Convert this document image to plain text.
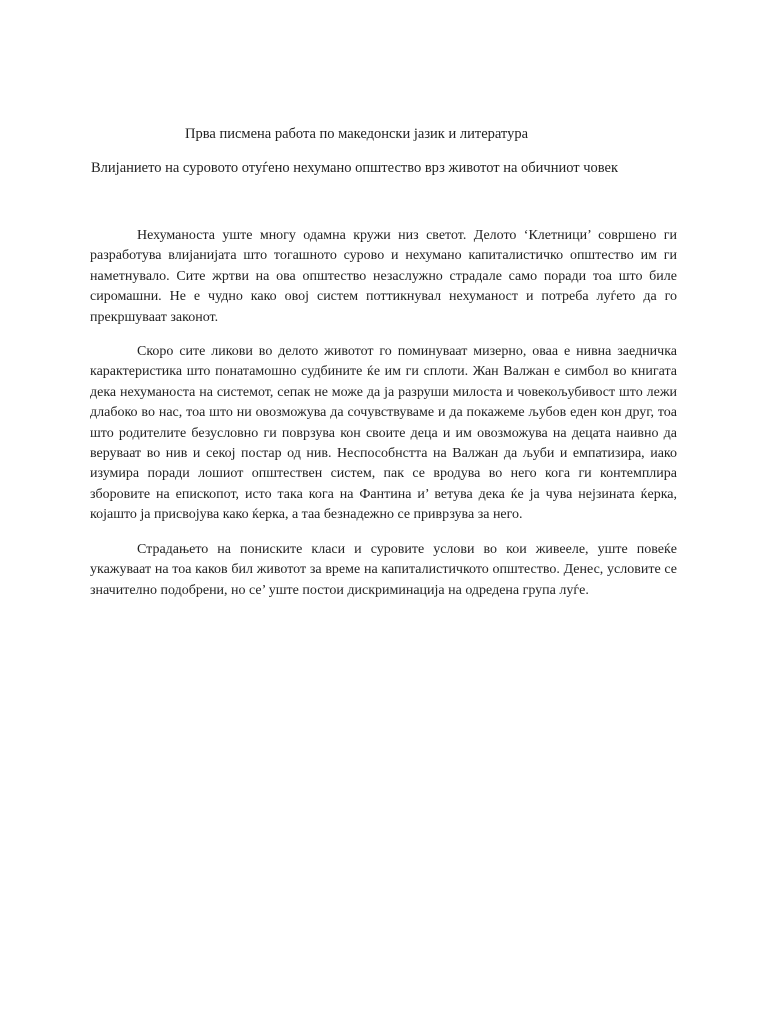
Прва писмена работа по македонски јазик и литература
Влијанието на суровото отуѓено нехумано општество врз животот на обичниот човек

Нехуманоста уште многу одамна кружи низ светот. Делото ‘Клетници’ совршено ги разработува влијанијата што тогашното сурово и нехумано капиталистичко општество им ги наметнувало. Сите жртви на ова општество незаслужно страдале само поради тоа што биле сиромашни. Не е чудно како овој систем поттикнувал нехуманост и потреба луѓето да го прекршуваат законот.

Скоро сите ликови во делото животот го поминуваат мизерно, оваа е нивна заедничка карактеристика што понатамошно судбините ќе им ги сплоти. Жан Валжан е симбол во книгата дека нехуманоста на системот, сепак не може да ја разруши милоста и човекољубивост што лежи длабоко во нас, тоа што ни овозможува да сочувствуваме и да покажеме љубов еден кон друг, тоа што родителите безусловно ги поврзува кон своите деца и им овозможува на децата наивно да веруваат во нив и секој постар од нив. Неспособнстта на Валжан да љуби и емпатизира, иако изумира поради лошиот општествен систем, пак се вродува во него кога ги контемплира зборовите на епископот, исто така кога на Фантина и’ ветува дека ќе ја чува нејзината ќерка, којашто ја присвојува како ќерка, а таа безнадежно се приврзува за него.

Страдањето на пониските класи и суровите услови во кои живееле, уште повеќе укажуваат на тоа каков бил животот за време на капиталистичкото општество. Денес, условите се значително подобрени, но се’ уште постои дискриминација на одредена група луѓе.
